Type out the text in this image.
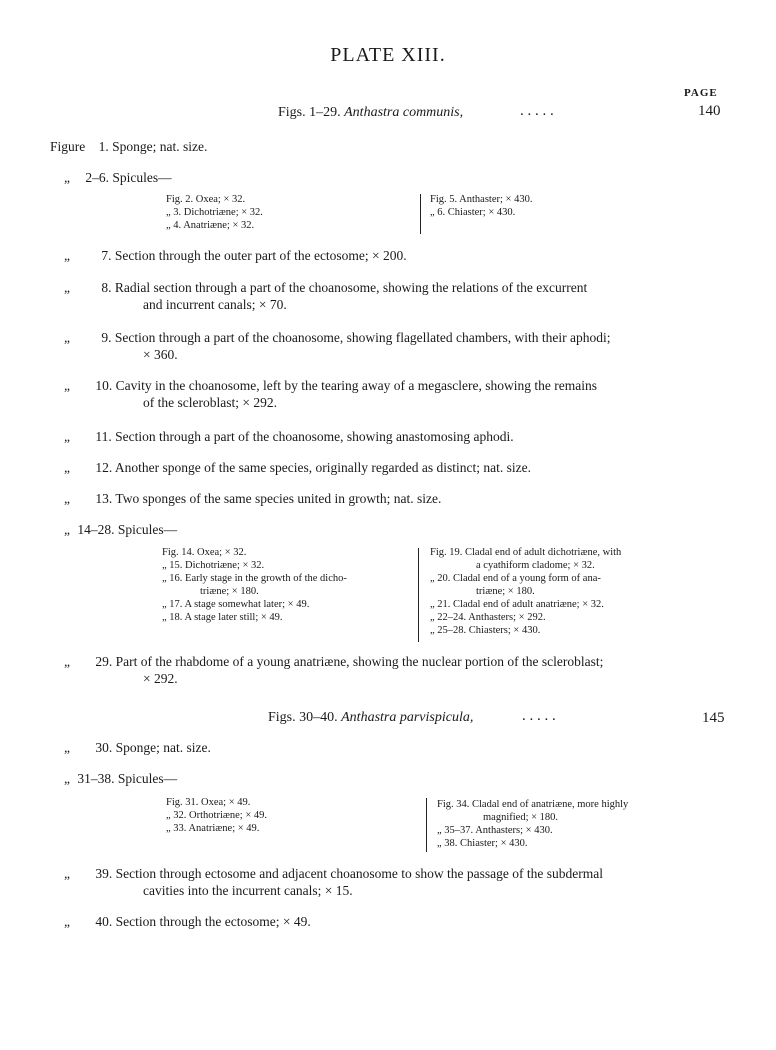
PLATE XIII.
PAGE
Figs. 1–29. Anthastra communis,	. . . . .	140
Figure 1. Sponge; nat. size.
„ 2–6. Spicules—
Fig. 2. Oxea; × 32.
„ 3. Dichotriæne; × 32.
„ 4. Anatriæne; × 32.
Fig. 5. Anthaster; × 430.
„ 6. Chiaster; × 430.
„ 7. Section through the outer part of the ectosome; × 200.
„ 8. Radial section through a part of the choanosome, showing the relations of the excurrent
and incurrent canals; × 70.
„ 9. Section through a part of the choanosome, showing flagellated chambers, with their aphodi;
× 360.
„ 10. Cavity in the choanosome, left by the tearing away of a megasclere, showing the remains
of the scleroblast; × 292.
„ 11. Section through a part of the choanosome, showing anastomosing aphodi.
„ 12. Another sponge of the same species, originally regarded as distinct; nat. size.
„ 13. Two sponges of the same species united in growth; nat. size.
„ 14–28. Spicules—
Fig. 14. Oxea; × 32.
„ 15. Dichotriæne; × 32.
„ 16. Early stage in the growth of the dicho-
triæne; × 180.
„ 17. A stage somewhat later; × 49.
„ 18. A stage later still; × 49.
Fig. 19. Cladal end of adult dichotriæne, with
a cyathiform cladome; × 32.
„ 20. Cladal end of a young form of ana-
triæne; × 180.
„ 21. Cladal end of adult anatriæne; × 32.
„ 22–24. Anthasters; × 292.
„ 25–28. Chiasters; × 430.
„ 29. Part of the rhabdome of a young anatriæne, showing the nuclear portion of the scleroblast;
× 292.
Figs. 30–40. Anthastra parvispicula,	. . . . .	145
„ 30. Sponge; nat. size.
„ 31–38. Spicules—
Fig. 31. Oxea; × 49.
„ 32. Orthotriæne; × 49.
„ 33. Anatriæne; × 49.
Fig. 34. Cladal end of anatriæne, more highly
magnified; × 180.
„ 35–37. Anthasters; × 430.
„ 38. Chiaster; × 430.
„ 39. Section through ectosome and adjacent choanosome to show the passage of the subdermal
cavities into the incurrent canals; × 15.
„ 40. Section through the ectosome; × 49.
